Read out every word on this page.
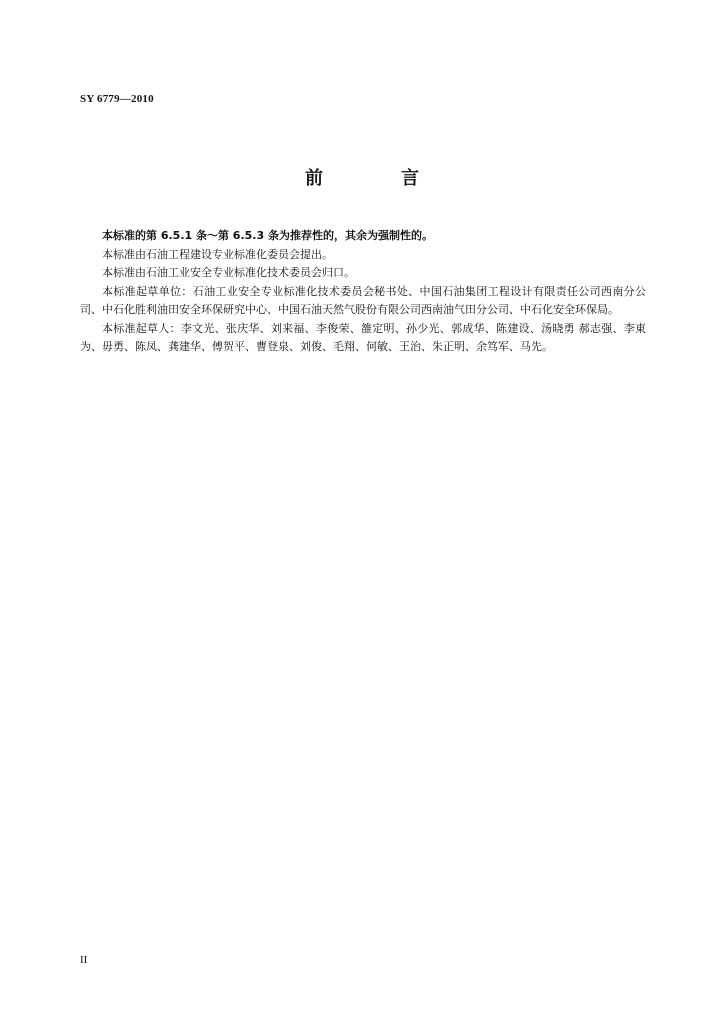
SY 6779—2010
前　言

本标准的第 6.5.1 条～第 6.5.3 条为推荐性的，其余为强制性的。

本标准由石油工程建设专业标准化委员会提出。

本标准由石油工业安全专业标准化技术委员会归口。

本标准起草单位：石油工业安全专业标准化技术委员会秘书处、中国石油集团工程设计有限责任公司西南分公司、中石化胜利油田安全环保研究中心、中国石油天然气股份有限公司西南油气田分公司、中石化安全环保局。

本标准起草人：李文光、张庆华、刘来福、李俊荣、雒定明、孙少光、郭成华、陈建设、汤晓勇 郝志强、李東为、毋勇、陈凤、龚建华、傅贺平、曹登泉、刘俊、毛翔、何敏、王治、朱正明、余笃军、马先。

II
